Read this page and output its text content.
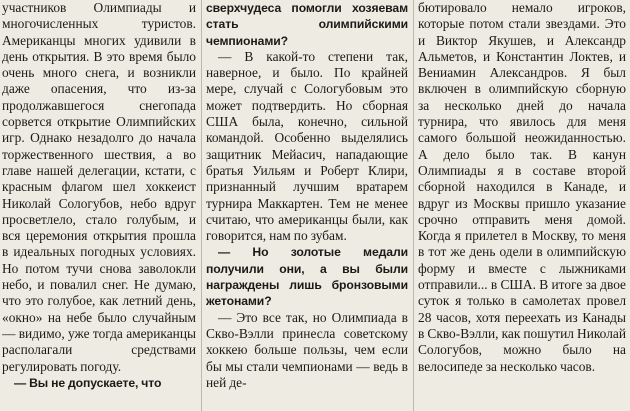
участников Олимпиады и многочисленных туристов. Американцы многих удивили в день открытия. В это время было очень много снега, и возникли даже опасения, что из-за продолжавшегося снегопада сорвется открытие Олимпийских игр. Однако незадолго до начала торжественного шествия, а во главе нашей делегации, кстати, с красным флагом шел хоккеист Николай Сологубов, небо вдруг просветлело, стало голубым, и вся церемония открытия прошла в идеальных погодных условиях. Но потом тучи снова заволокли небо, и повалил снег. Не думаю, что это голубое, как летний день, «окно» на небе было случайным — видимо, уже тогда американцы располагали средствами регулировать погоду.

— Вы не допускаете, что

сверхчудеса помогли хозяевам стать олимпийскими чемпионами?

— В какой-то степени так, наверное, и было. По крайней мере, случай с Сологубовым это может подтвердить. Но сборная США была, конечно, сильной командой. Особенно выделялись защитник Мейасич, нападающие братья Уильям и Роберт Клири, признанный лучшим вратарем турнира Маккартен. Тем не менее считаю, что американцы были, как говорится, нам по зубам.

— Но золотые медали получили они, а вы были награждены лишь бронзовыми жетонами?

— Это все так, но Олимпиада в Скво-Вэлли принесла советскому хоккею больше пользы, чем если бы мы стали чемпионами — ведь в ней де-

бютировало немало игроков, которые потом стали звездами. Это и Виктор Якушев, и Александр Альметов, и Константин Локтев, и Вениамин Александров. Я был включен в олимпийскую сборную за несколько дней до начала турнира, что явилось для меня самого большой неожиданностью. А дело было так. В канун Олимпиады я в составе второй сборной находился в Канаде, и вдруг из Москвы пришло указание срочно отправить меня домой. Когда я прилетел в Москву, то меня в тот же день одели в олимпийскую форму и вместе с лыжниками отправили... в США. В итоге за двое суток я только в самолетах провел 28 часов, хотя переехать из Канады в Скво-Вэлли, как пошутил Николай Сологубов, можно было на велосипеде за несколько часов.
